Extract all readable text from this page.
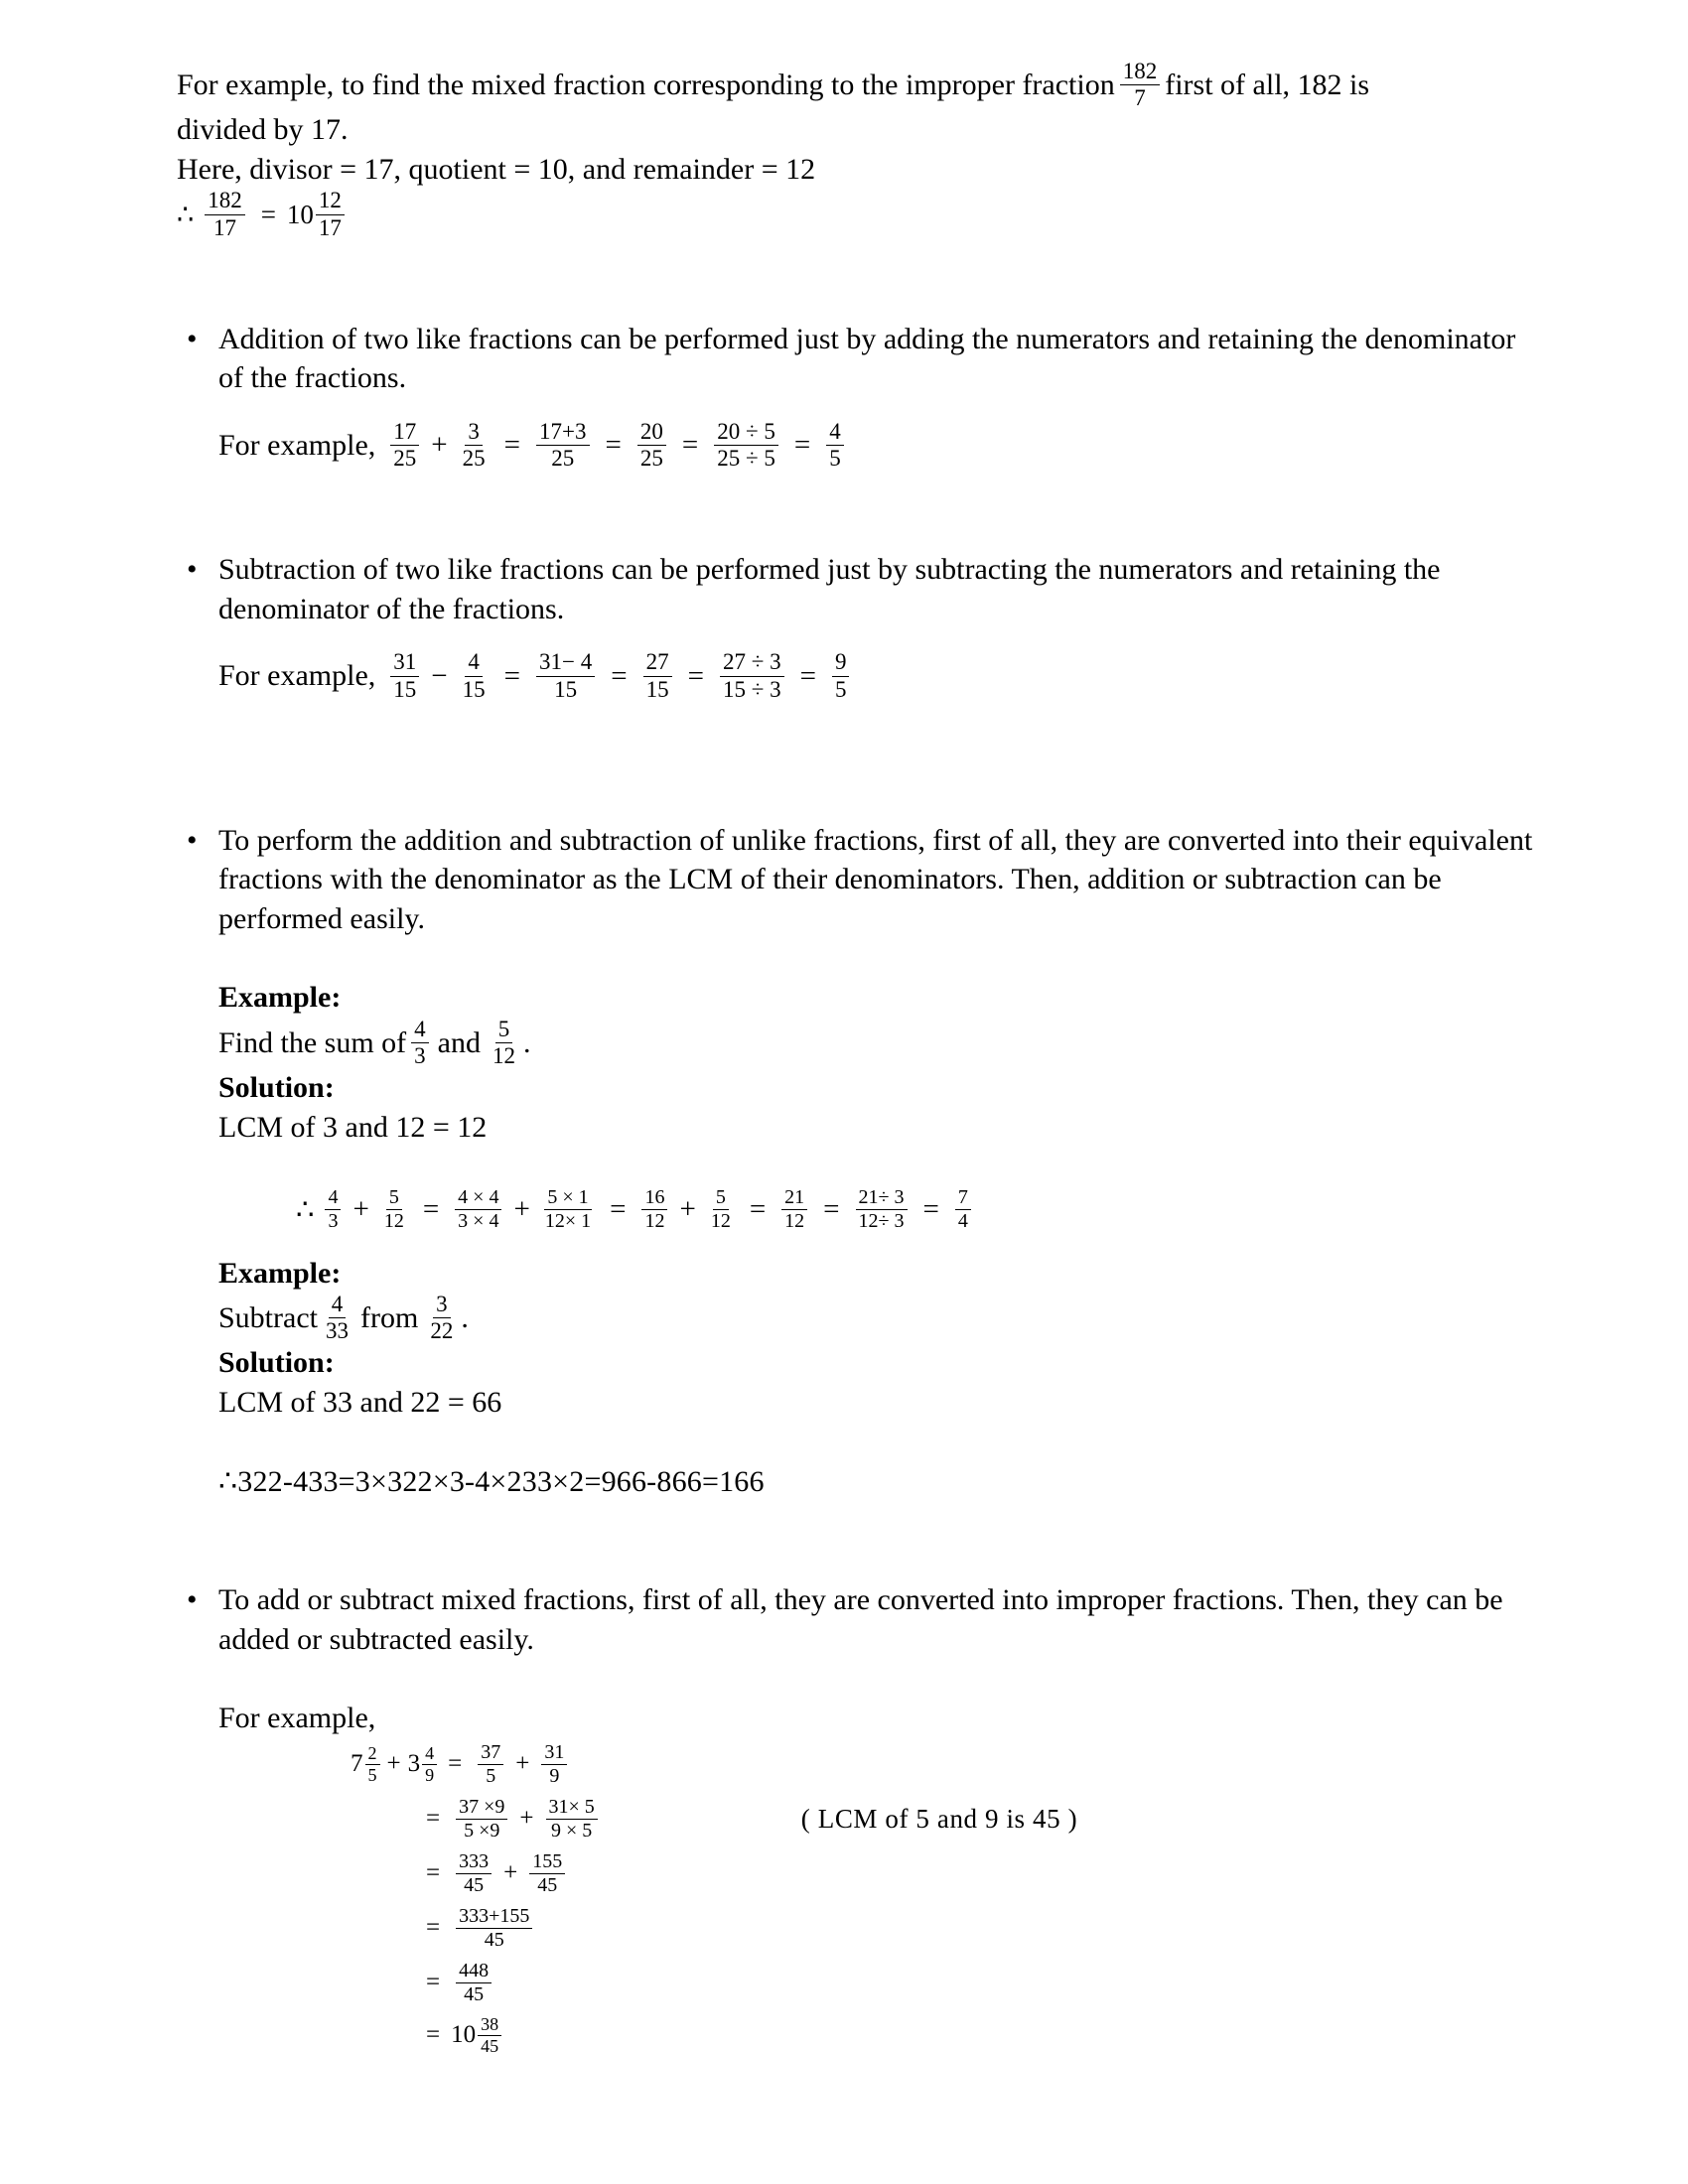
For example, to find the mixed fraction corresponding to the improper fraction $\frac{182}{7}$ first of all, 182 is
divided by 17.
Here, divisor = 17, quotient = 10, and remainder = 12
∴ $\frac{182}{17} = 10 \frac{12}{17}$
• Addition of two like fractions can be performed just by adding the numerators and retaining the denominator of the fractions.
For example, $\frac{17}{25} + \frac{3}{25} = \frac{17+3}{25} = \frac{20}{25} = \frac{20 \div 5}{25 \div 5} = \frac{4}{5}$
• Subtraction of two like fractions can be performed just by subtracting the numerators and retaining the denominator of the fractions.
For example, $\frac{31}{15} - \frac{4}{15} = \frac{31- 4}{15} = \frac{27}{15} = \frac{27 \div 3}{15 \div 3} = \frac{9}{5}$
• To perform the addition and subtraction of unlike fractions, first of all, they are converted into their equivalent fractions with the denominator as the LCM of their denominators. Then, addition or subtraction can be performed easily.
Example:
Find the sum of $\frac{4}{3}$ and $\frac{5}{12}$ .
Solution:
LCM of 3 and 12 = 12
∴ $\frac{4}{3} + \frac{5}{12} = \frac{4 \times 4}{3 \times 4} + \frac{5 \times 1}{12\times 1} = \frac{16}{12} + \frac{5}{12} = \frac{21}{12} = \frac{21\div 3}{12\div 3} = \frac{7}{4}$
Example:
Subtract $\frac{4}{33}$ from $\frac{3}{22}$ .
Solution:
LCM of 33 and 22 = 66
∴322-433=3×322×3-4×233×2=966-866=166
• To add or subtract mixed fractions, first of all, they are converted into improper fractions. Then, they can be added or subtracted easily.
For example,
$7 \frac{2}{5} + 3 \frac{4}{9} = \frac{37}{5} + \frac{31}{9}$
= $\frac{37 \times 9}{5 \times 9} + \frac{31\times 5}{9 \times 5}$	( LCM of 5 and 9 is 45 )
= $\frac{333}{45} + \frac{155}{45}$
= $\frac{333+155}{45}$
= $\frac{448}{45}$
= $10 \frac{38}{45}$
